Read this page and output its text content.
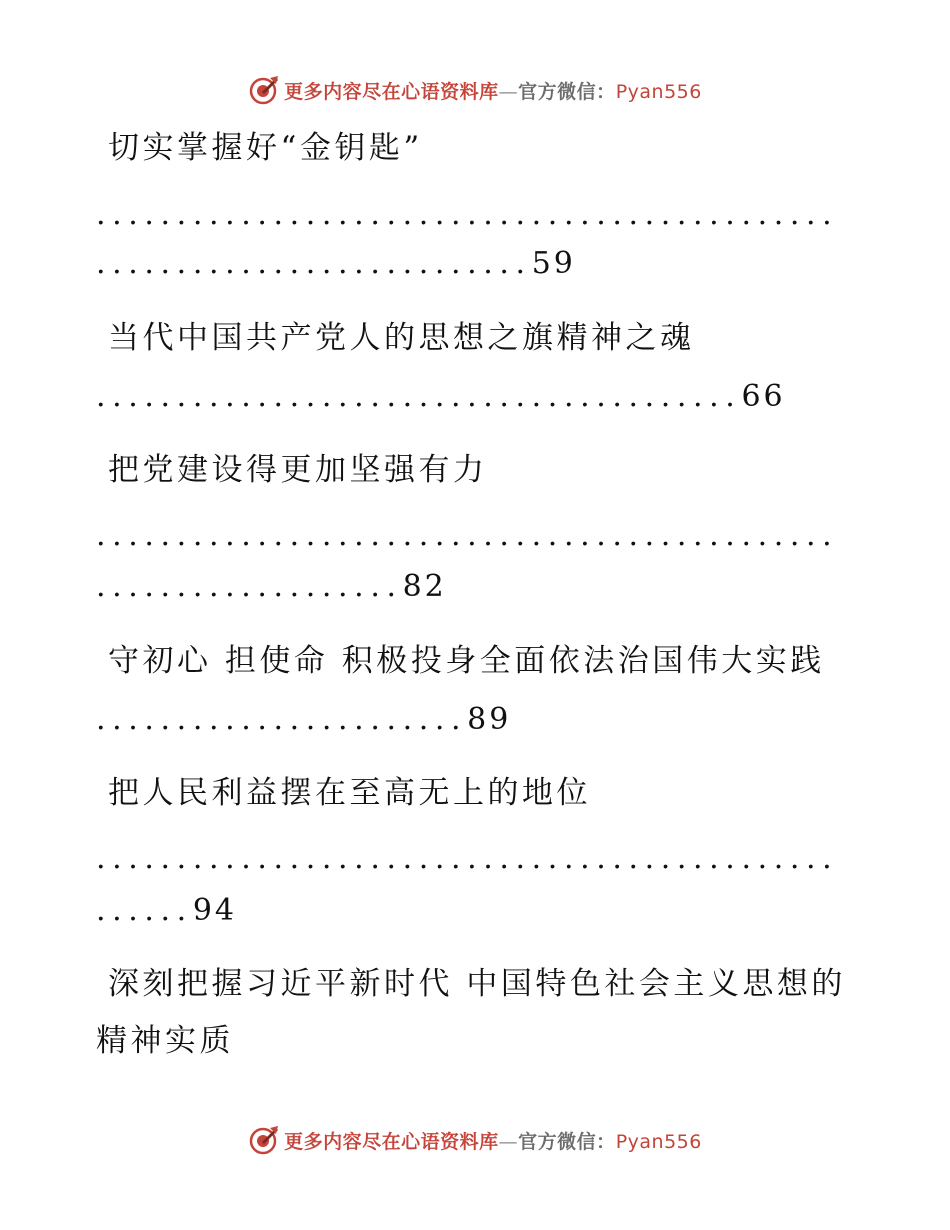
更多内容尽在心语资料库—官方微信：Pyan556
切实掌握好“金钥匙”
..............................................
...........................59
当代中国共产党人的思想之旗精神之魂
........................................66
把党建设得更加坚强有力
..............................................
...................82
守初心 担使命 积极投身全面依法治国伟大实践
.......................89
把人民利益摆在至高无上的地位
..............................................
......94
深刻把握习近平新时代 中国特色社会主义思想的
精神实质
更多内容尽在心语资料库—官方微信：Pyan556
